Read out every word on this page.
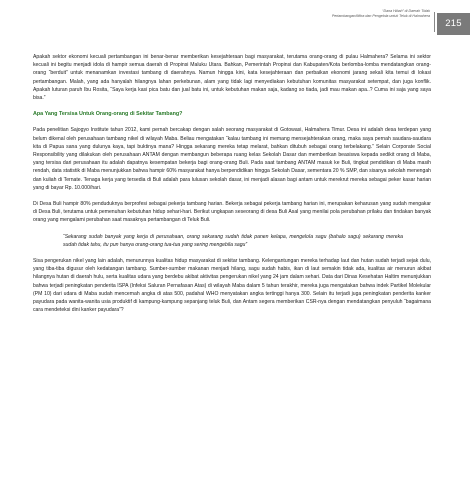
“Dana Hibah” di Daerah Tidak
Pertambangan/Mitra dan Pengelola untuk Teluk di Halmahera
215

Apakah sektor ekonomi kecuali pertambangan ini benar-benar memberikan kesejahteraan bagi masyarakat, terutama orang-orang di pulau Halmahera? Selama ini sektor kecuali ini begitu menjadi idola di hampir semua daerah di Propinsi Maluku Utara. Bahkan, Pemerintah Propinsi dan Kabupaten/Kota berlomba-lomba mendatangkan orang-orang “berduit” untuk menanamkan investasi tambang di daerahnya. Namun hingga kini, kata kesejahteraan dan perbaikan ekonomi jarang sekali kita temui di lokasi pertambangan. Malah, yang ada hanyalah hilangnya lahan perkebunan, alam yang tidak lagi menyediakan kebutuhan komunitas masyarakat setempat, dan juga konflik. Apakah luturan paruh Ibu Rosita, “Saya kerja kasi pica batu dan jual batu ini, untuk kebutuhan makan saja, kadang so tiada, jadi mau makan apa..? Cuma ini saja yang saya bisa.”

Apa Yang Tersisa Untuk Orang-orang di Sekitar Tambang?

Pada penelitian Sajogyo Institute tahun 2012, kami pernah bercakap dengan salah seorang masyarakat di Gotowasi, Halmahera Timur. Desa ini adalah desa terdepan yang belum dikenal oleh perusahaan tambang nikel di wilayah Maba. Beliau mengatakan “kalau tambang ini memang mensejahterakan orang, maka saya pernah saudara-saudara kita di Papua sana yang dulunya kaya, tapi buktinya mana? Hingga sekarang mereka tetap melarat, bahkan ditubuh sebagai orang terbelakang.” Selain Corporate Social Responsibility yang dilakukan oleh perusahaan ANTAM dengan membangun beberapa ruang kelas Sekolah Dasar dan memberikan beasiswa kepada sedikit orang di Maba, yang tersisa dari perusahaan itu adalah dapatnya kesempatan bekerja bagi orang-orang Buli. Pada saat tambang ANTAM masuk ke Buli, tingkat pendidikan di Maba masih rendah, data statistik di Maba menunjukkan bahwa hampir 60% masyarakat hanya berpendidikan hingga Sekolah Dasar, sementara 20 % SMP, dan sisanya sekolah menengah dan kuliah di Ternate. Tenaga kerja yang tersedia di Buli adalah para lulusan sekolah dasar, ini menjadi alasan bagi antam untuk merekrut mereka sebagai peker kasar harian yang di bayar Rp. 10.000/hari.

Di Desa Buli hampir 80% penduduknya berprofesi sebagai pekerja tambang harian. Bekerja sebagai pekerja tambang harian ini, merupakan keharusan yang sudah mengakar di Desa Buli, terutama untuk pemenuhan kebutuhan hidup sehari-hari. Berikut ungkapan seseorang di desa Buli Asal yang menilai pola perubahan prilaku dan tindakan banyak orang yang mengalami perubahan saat masaknya pertambangan di Teluk Buli.

“Sekarang sudah banyak yang kerja di perusahaan, orang sekarang sudah tidak panen kelapa, mengeloIa sagu (bahalo sagu) sekarang mereka sudah tidak tahu, itu pun hanya orang-orang tua-tua yang sering mengebila sagu”

Sisa pengerukan nikel yang lain adalah, menurunnya kualitas hidup masyarakat di sekitar tambang. Kelengantungan mereka terhadap laut dan hutan sudah terjadi sejak dulu, yang tiba-tiba digusur oleh kedatangan tambang. Sumber-sumber makanan menjadi hilang, sagu sudah habis, ikan di laut semakin tidak ada, kualitas air menurun akibat hilangnya hutan di daerah hulu, serta kualitas udara yang berdebu akibat aktivitas pengerukan nikel yang 24 jam dalam sehari. Data dari Dinas Kesehatan Haltim menunjukkan bahwa terjadi peningkatan penderita ISPA (Infeksi Saluran Pernafasan Atas) di wilayah Maba dalam 5 tahun terakhir, mereka juga mengatakan bahwa indek Partikel Molekular (PM 10) dari udara di Maba sudah mencemah angka di atas 500, padahal WHO menyatakan angka tertinggi hanya 300. Selain itu terjadi juga peningkatan penderita kanker payudara pada wanita-wanita usia produktif di kampung-kampung sepanjang teluk Buli, dan Antam segera memberikan CSR-nya dengan mendatangkan penyuluh “bagaimana cara mendeteksi dini kanker payudara”?
